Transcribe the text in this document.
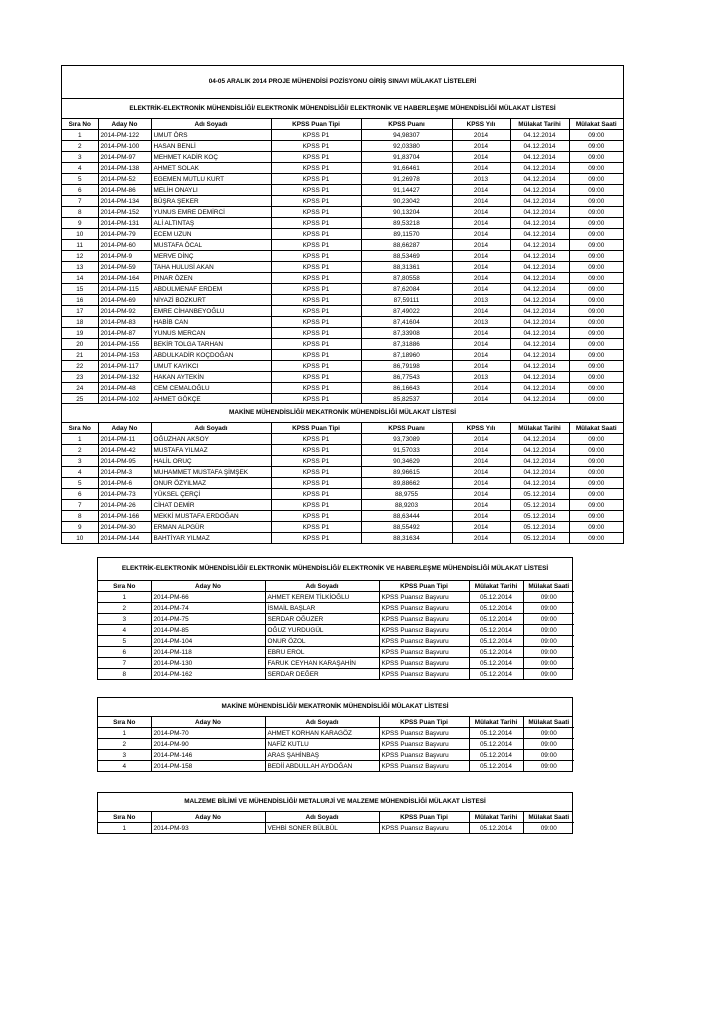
04-05 ARALIK 2014 PROJE MÜHENDİSİ POZİSYONU GİRİŞ SINAVI MÜLAKAT LİSTELERİ
ELEKTRİK-ELEKTRONİK MÜHENDİSLİĞİ/ ELEKTRONİK MÜHENDİSLİĞİ/ ELEKTRONİK VE HABERLEŞME MÜHENDİSLİĞİ MÜLAKAT LİSTESİ
Sıra No	Aday No	Adı Soyadı	KPSS Puan Tipi	KPSS Puanı	KPSS Yılı	Mülakat Tarihi	Mülakat Saati
1	2014-PM-122	UMUT ÖRS	KPSS P1	94,98307	2014	04.12.2014	09:00
2	2014-PM-100	HASAN BENLİ	KPSS P1	92,03380	2014	04.12.2014	09:00
3	2014-PM-97	MEHMET KADİR KOÇ	KPSS P1	91,83704	2014	04.12.2014	09:00
4	2014-PM-138	AHMET SOLAK	KPSS P1	91,66461	2014	04.12.2014	09:00
5	2014-PM-52	EGEMEN MUTLU KURT	KPSS P1	91,26978	2013	04.12.2014	09:00
6	2014-PM-86	MELİH ONAYLI	KPSS P1	91,14427	2014	04.12.2014	09:00
7	2014-PM-134	BÜŞRA ŞEKER	KPSS P1	90,23042	2014	04.12.2014	09:00
8	2014-PM-152	YUNUS EMRE DEMİRCİ	KPSS P1	90,13204	2014	04.12.2014	09:00
9	2014-PM-131	ALİ ALTINTAŞ	KPSS P1	89,53218	2014	04.12.2014	09:00
10	2014-PM-79	ECEM UZUN	KPSS P1	89,11570	2014	04.12.2014	09:00
11	2014-PM-60	MUSTAFA ÖCAL	KPSS P1	88,66287	2014	04.12.2014	09:00
12	2014-PM-9	MERVE DİNÇ	KPSS P1	88,53469	2014	04.12.2014	09:00
13	2014-PM-59	TAHA HULUSİ AKAN	KPSS P1	88,31361	2014	04.12.2014	09:00
14	2014-PM-164	PINAR ÖZEN	KPSS P1	87,80558	2014	04.12.2014	09:00
15	2014-PM-115	ABDULMENAF ERDEM	KPSS P1	87,62084	2014	04.12.2014	09:00
16	2014-PM-69	NİYAZİ BOZKURT	KPSS P1	87,59111	2013	04.12.2014	09:00
17	2014-PM-92	EMRE CİHANBEYOĞLU	KPSS P1	87,49022	2014	04.12.2014	09:00
18	2014-PM-83	HABİB CAN	KPSS P1	87,41604	2013	04.12.2014	09:00
19	2014-PM-87	YUNUS MERCAN	KPSS P1	87,33908	2014	04.12.2014	09:00
20	2014-PM-155	BEKİR TOLGA TARHAN	KPSS P1	87,31886	2014	04.12.2014	09:00
21	2014-PM-153	ABDULKADİR KOÇDOĞAN	KPSS P1	87,18960	2014	04.12.2014	09:00
22	2014-PM-117	UMUT KAYIKCI	KPSS P1	86,79198	2014	04.12.2014	09:00
23	2014-PM-132	HAKAN AYTEKİN	KPSS P1	86,77543	2013	04.12.2014	09:00
24	2014-PM-48	CEM CEMALOĞLU	KPSS P1	86,16643	2014	04.12.2014	09:00
25	2014-PM-102	AHMET GÖKÇE	KPSS P1	85,82537	2014	04.12.2014	09:00
MAKİNE MÜHENDİSLİĞİ/ MEKATRONİK MÜHENDİSLİĞİ MÜLAKAT LİSTESİ
Sıra No	Aday No	Adı Soyadı	KPSS Puan Tipi	KPSS Puanı	KPSS Yılı	Mülakat Tarihi	Mülakat Saati
1	2014-PM-11	OĞUZHAN AKSOY	KPSS P1	93,73089	2014	04.12.2014	09:00
2	2014-PM-42	MUSTAFA YILMAZ	KPSS P1	91,57033	2014	04.12.2014	09:00
3	2014-PM-95	HALİL ORUÇ	KPSS P1	90,34629	2014	04.12.2014	09:00
4	2014-PM-3	MUHAMMET MUSTAFA ŞİMŞEK	KPSS P1	89,96615	2014	04.12.2014	09:00
5	2014-PM-6	ONUR ÖZYILMAZ	KPSS P1	89,88662	2014	04.12.2014	09:00
6	2014-PM-73	YÜKSEL ÇERÇİ	KPSS P1	88,9755	2014	05.12.2014	09:00
7	2014-PM-26	CİHAT DEMİR	KPSS P1	88,9203	2014	05.12.2014	09:00
8	2014-PM-166	MEKKİ MUSTAFA ERDOĞAN	KPSS P1	88,63444	2014	05.12.2014	09:00
9	2014-PM-30	ERMAN ALPGÜR	KPSS P1	88,55492	2014	05.12.2014	09:00
10	2014-PM-144	BAHTİYAR YILMAZ	KPSS P1	88,31634	2014	05.12.2014	09:00
ELEKTRİK-ELEKTRONİK MÜHENDİSLİĞİ/ ELEKTRONİK MÜHENDİSLİĞİ/ ELEKTRONİK VE HABERLEŞME MÜHENDİSLİĞİ MÜLAKAT LİSTESİ
Sıra No	Aday No	Adı Soyadı	KPSS Puan Tipi	Mülakat Tarihi	Mülakat Saati
1	2014-PM-66	AHMET KEREM TİLKİOĞLU	KPSS Puansız Başvuru	05.12.2014	09:00
2	2014-PM-74	İSMAİL BAŞLAR	KPSS Puansız Başvuru	05.12.2014	09:00
3	2014-PM-75	SERDAR OĞUZER	KPSS Puansız Başvuru	05.12.2014	09:00
4	2014-PM-85	OĞUZ YURDUGÜL	KPSS Puansız Başvuru	05.12.2014	09:00
5	2014-PM-104	ONUR ÖZOL	KPSS Puansız Başvuru	05.12.2014	09:00
6	2014-PM-118	EBRU EROL	KPSS Puansız Başvuru	05.12.2014	09:00
7	2014-PM-130	FARUK CEYHAN KARAŞAHİN	KPSS Puansız Başvuru	05.12.2014	09:00
8	2014-PM-162	SERDAR DEĞER	KPSS Puansız Başvuru	05.12.2014	09:00
MAKİNE MÜHENDİSLİĞİ/ MEKATRONİK MÜHENDİSLİĞİ MÜLAKAT LİSTESİ
Sıra No	Aday No	Adı Soyadı	KPSS Puan Tipi	Mülakat Tarihi	Mülakat Saati
1	2014-PM-70	AHMET KORHAN KARAGÖZ	KPSS Puansız Başvuru	05.12.2014	09:00
2	2014-PM-90	NAFİZ KUTLU	KPSS Puansız Başvuru	05.12.2014	09:00
3	2014-PM-146	ARAS ŞAHİNBAŞ	KPSS Puansız Başvuru	05.12.2014	09:00
4	2014-PM-158	BEDİİ ABDULLAH AYDOĞAN	KPSS Puansız Başvuru	05.12.2014	09:00
MALZEME BİLİMİ VE MÜHENDİSLİĞİ/ METALURJİ VE MALZEME MÜHENDİSLİĞİ MÜLAKAT LİSTESİ
Sıra No	Aday No	Adı Soyadı	KPSS Puan Tipi	Mülakat Tarihi	Mülakat Saati
1	2014-PM-93	VEHBİ SONER BÜLBÜL	KPSS Puansız Başvuru	05.12.2014	09:00
